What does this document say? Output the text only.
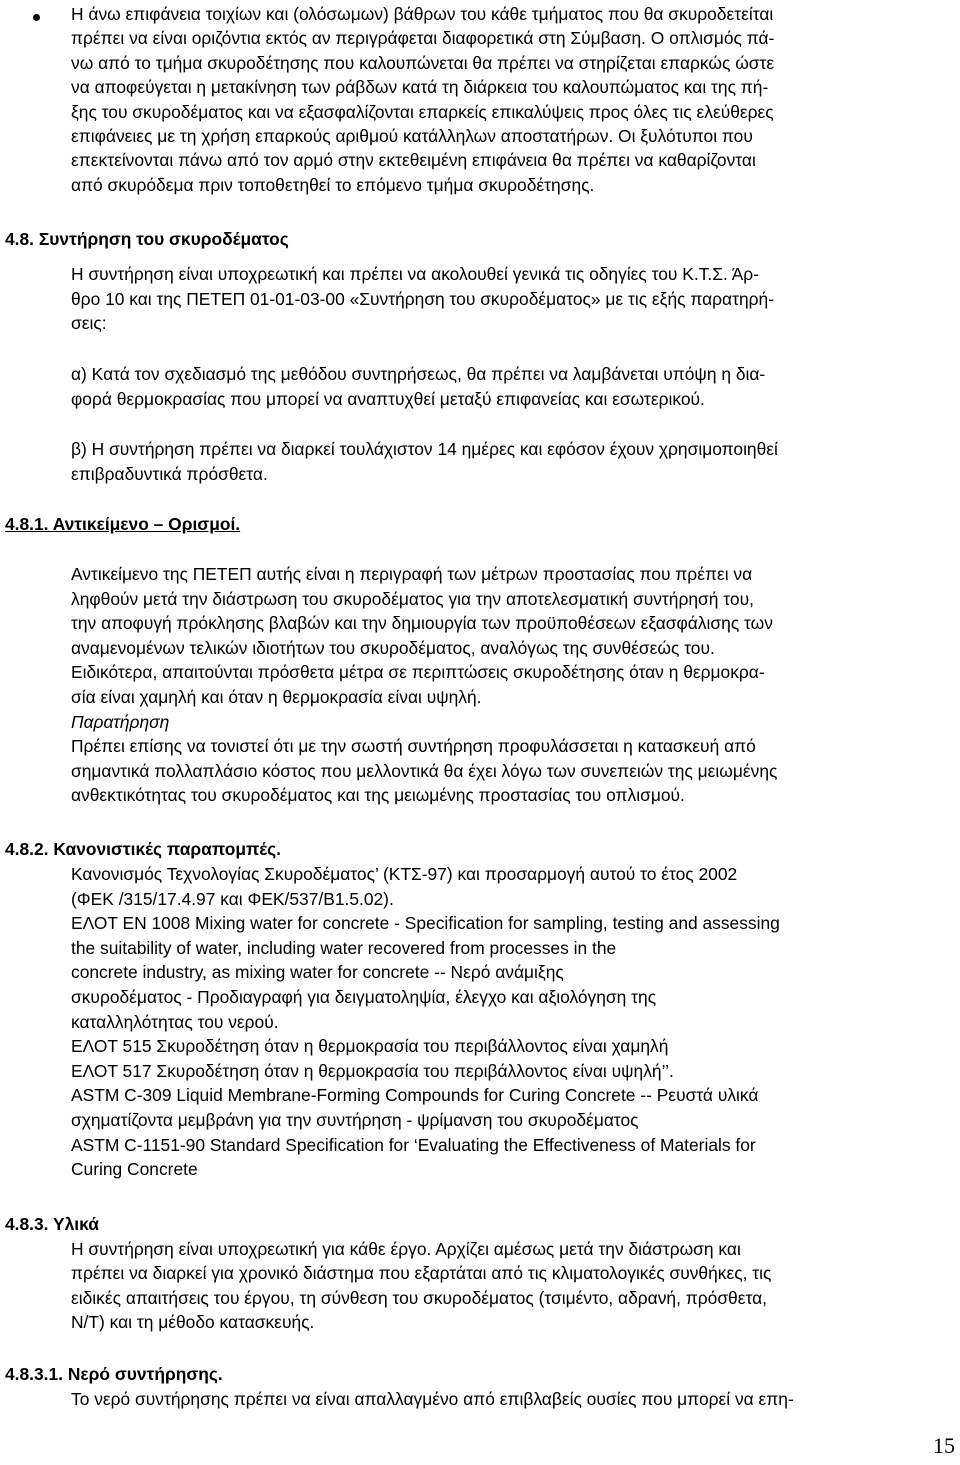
Η άνω επιφάνεια τοιχίων και (ολόσωμων) βάθρων του κάθε τμήματος που θα σκυροδετείται
πρέπει να είναι οριζόντια εκτός αν περιγράφεται διαφορετικά στη Σύμβαση. Ο οπλισμός πά-
νω από το τμήμα σκυροδέτησης που καλουπώνεται θα πρέπει να στηρίζεται επαρκώς ώστε
να αποφεύγεται η μετακίνηση των ράβδων κατά τη διάρκεια του καλουπώματος και της πή-
ξης του σκυροδέματος και να εξασφαλίζονται επαρκείς επικαλύψεις προς όλες τις ελεύθερες
επιφάνειες με τη χρήση επαρκούς αριθμού κατάλληλων αποστατήρων. Οι ξυλότυποι που
επεκτείνονται πάνω από τον αρμό στην εκτεθειμένη επιφάνεια θα πρέπει να καθαρίζονται
από σκυρόδεμα πριν τοποθετηθεί το επόμενο τμήμα σκυροδέτησης.
4.8. Συντήρηση του σκυροδέματος
Η συντήρηση είναι υποχρεωτική και πρέπει να ακολουθεί γενικά τις οδηγίες του Κ.Τ.Σ. Άρ-
θρο 10 και της ΠΕΤΕΠ 01-01-03-00 «Συντήρηση του σκυροδέματος» με τις εξής παρατηρή-
σεις:
α) Κατά τον σχεδιασμό της μεθόδου συντηρήσεως, θα πρέπει να λαμβάνεται υπόψη η δια-
φορά θερμοκρασίας που μπορεί να αναπτυχθεί μεταξύ επιφανείας και εσωτερικού.
β) Η συντήρηση πρέπει να διαρκεί τουλάχιστον 14 ημέρες και εφόσον έχουν χρησιμοποιηθεί
επιβραδυντικά πρόσθετα.
4.8.1. Αντικείμενο – Ορισμοί.
Αντικείμενο της ΠΕΤΕΠ αυτής είναι η περιγραφή των μέτρων προστασίας που πρέπει να
ληφθούν μετά την διάστρωση του σκυροδέματος για την αποτελεσματική συντήρησή του,
την αποφυγή πρόκλησης βλαβών και την δημιουργία των προϋποθέσεων εξασφάλισης των
αναμενομένων τελικών ιδιοτήτων του σκυροδέματος, αναλόγως της συνθέσεώς του.
Ειδικότερα, απαιτούνται πρόσθετα μέτρα σε περιπτώσεις σκυροδέτησης όταν η θερμοκρα-
σία είναι χαμηλή και όταν η θερμοκρασία είναι υψηλή.
Παρατήρηση
Πρέπει επίσης να τονιστεί ότι με την σωστή συντήρηση προφυλάσσεται η κατασκευή από
σημαντικά πολλαπλάσιο κόστος που μελλοντικά θα έχει λόγω των συνεπειών της μειωμένης
ανθεκτικότητας του σκυροδέματος και της μειωμένης προστασίας του οπλισμού.
4.8.2. Κανονιστικές παραπομπές.
Κανονισμός Τεχνολογίας Σκυροδέματος’ (ΚΤΣ-97) και προσαρμογή αυτού το έτος 2002
(ΦΕΚ /315/17.4.97 και ΦΕΚ/537/Β1.5.02).
ΕΛΟΤ ΕΝ 1008 Mixing water for concrete - Specification for sampling, testing and assessing
the suitability of water, including water recovered from processes in the
concrete industry, as mixing water for concrete -- Νερό ανάμιξης
σκυροδέματος - Προδιαγραφή για δειγματοληψία, έλεγχο και αξιολόγηση της
καταλληλότητας του νερού.
ΕΛΟΤ 515 Σκυροδέτηση όταν η θερμοκρασία του περιβάλλοντος είναι χαμηλή
ΕΛΟΤ 517 Σκυροδέτηση όταν η θερμοκρασία του περιβάλλοντος είναι υψηλή’’.
ASTM C-309 Liquid Membrane-Forming Compounds for Curing Concrete -- Ρευστά υλικά
σχηματίζοντα μεμβράνη για την συντήρηση - ψρίμανση του σκυροδέματος
ASTM C-1151-90 Standard Specification for ‘Evaluating the Effectiveness of Materials for
Curing Concrete
4.8.3. Υλικά
Η συντήρηση είναι υποχρεωτική για κάθε έργο. Αρχίζει αμέσως μετά την διάστρωση και
πρέπει να διαρκεί για χρονικό διάστημα που εξαρτάται από τις κλιματολογικές συνθήκες, τις
ειδικές απαιτήσεις του έργου, τη σύνθεση του σκυροδέματος (τσιμέντο, αδρανή, πρόσθετα,
Ν/Τ) και τη μέθοδο κατασκευής.
4.8.3.1. Νερό συντήρησης.
Το νερό συντήρησης πρέπει να είναι απαλλαγμένο από επιβλαβείς ουσίες που μπορεί να επη-
15
